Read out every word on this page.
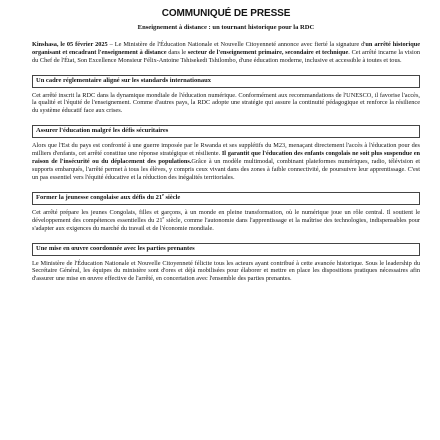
COMMUNIQUÉ DE PRESSE
Enseignement à distance : un tournant historique pour la RDC

Kinshasa, le 05 février 2025 – Le Ministère de l'Éducation Nationale et Nouvelle Citoyenneté annonce avec fierté la signature d'un arrêté historique organisant et encadrant l'enseignement à distance dans le secteur de l'enseignement primaire, secondaire et technique. Cet arrêté incarne la vision du Chef de l'État, Son Excellence Monsieur Félix-Antoine Tshisekedi Tshilombo, d'une éducation moderne, inclusive et accessible à toutes et tous.

Un cadre réglementaire aligné sur les standards internationaux

Cet arrêté inscrit la RDC dans la dynamique mondiale de l'éducation numérique. Conformément aux recommandations de l'UNESCO, il favorise l'accès, la qualité et l'équité de l'enseignement. Comme d'autres pays, la RDC adopte une stratégie qui assure la continuité pédagogique et renforce la résilience du système éducatif face aux crises.

Assurer l'éducation malgré les défis sécuritaires

Alors que l'Est du pays est confronté à une guerre imposée par le Rwanda et ses supplétifs du M23, menaçant directement l'accès à l'éducation pour des milliers d'enfants, cet arrêté constitue une réponse stratégique et résiliente. Il garantit que l'éducation des enfants congolais ne soit plus suspendue en raison de l'insécurité ou du déplacement des populations.Grâce à un modèle multimodal, combinant plateformes numériques, radio, télévision et supports embarqués, l'arrêté permet à tous les élèves, y compris ceux vivant dans des zones à faible connectivité, de poursuivre leur apprentissage. C'est un pas essentiel vers l'équité éducative et la réduction des inégalités territoriales.

Former la jeunesse congolaise aux défis du 21e siècle

Cet arrêté prépare les jeunes Congolais, filles et garçons, à un monde en pleine transformation, où le numérique joue un rôle central. Il soutient le développement des compétences essentielles du 21e siècle, comme l'autonomie dans l'apprentissage et la maîtrise des technologies, indispensables pour s'adapter aux exigences du marché du travail et de l'économie mondiale.

Une mise en œuvre coordonnée avec les parties prenantes

Le Ministère de l'Éducation Nationale et Nouvelle Citoyenneté félicite tous les acteurs ayant contribué à cette avancée historique. Sous le leadership du Secrétaire Général, les équipes du ministère sont d'ores et déjà mobilisées pour élaborer et mettre en place les dispositions pratiques nécessaires afin d'assurer une mise en œuvre effective de l'arrêté, en concertation avec l'ensemble des parties prenantes.
